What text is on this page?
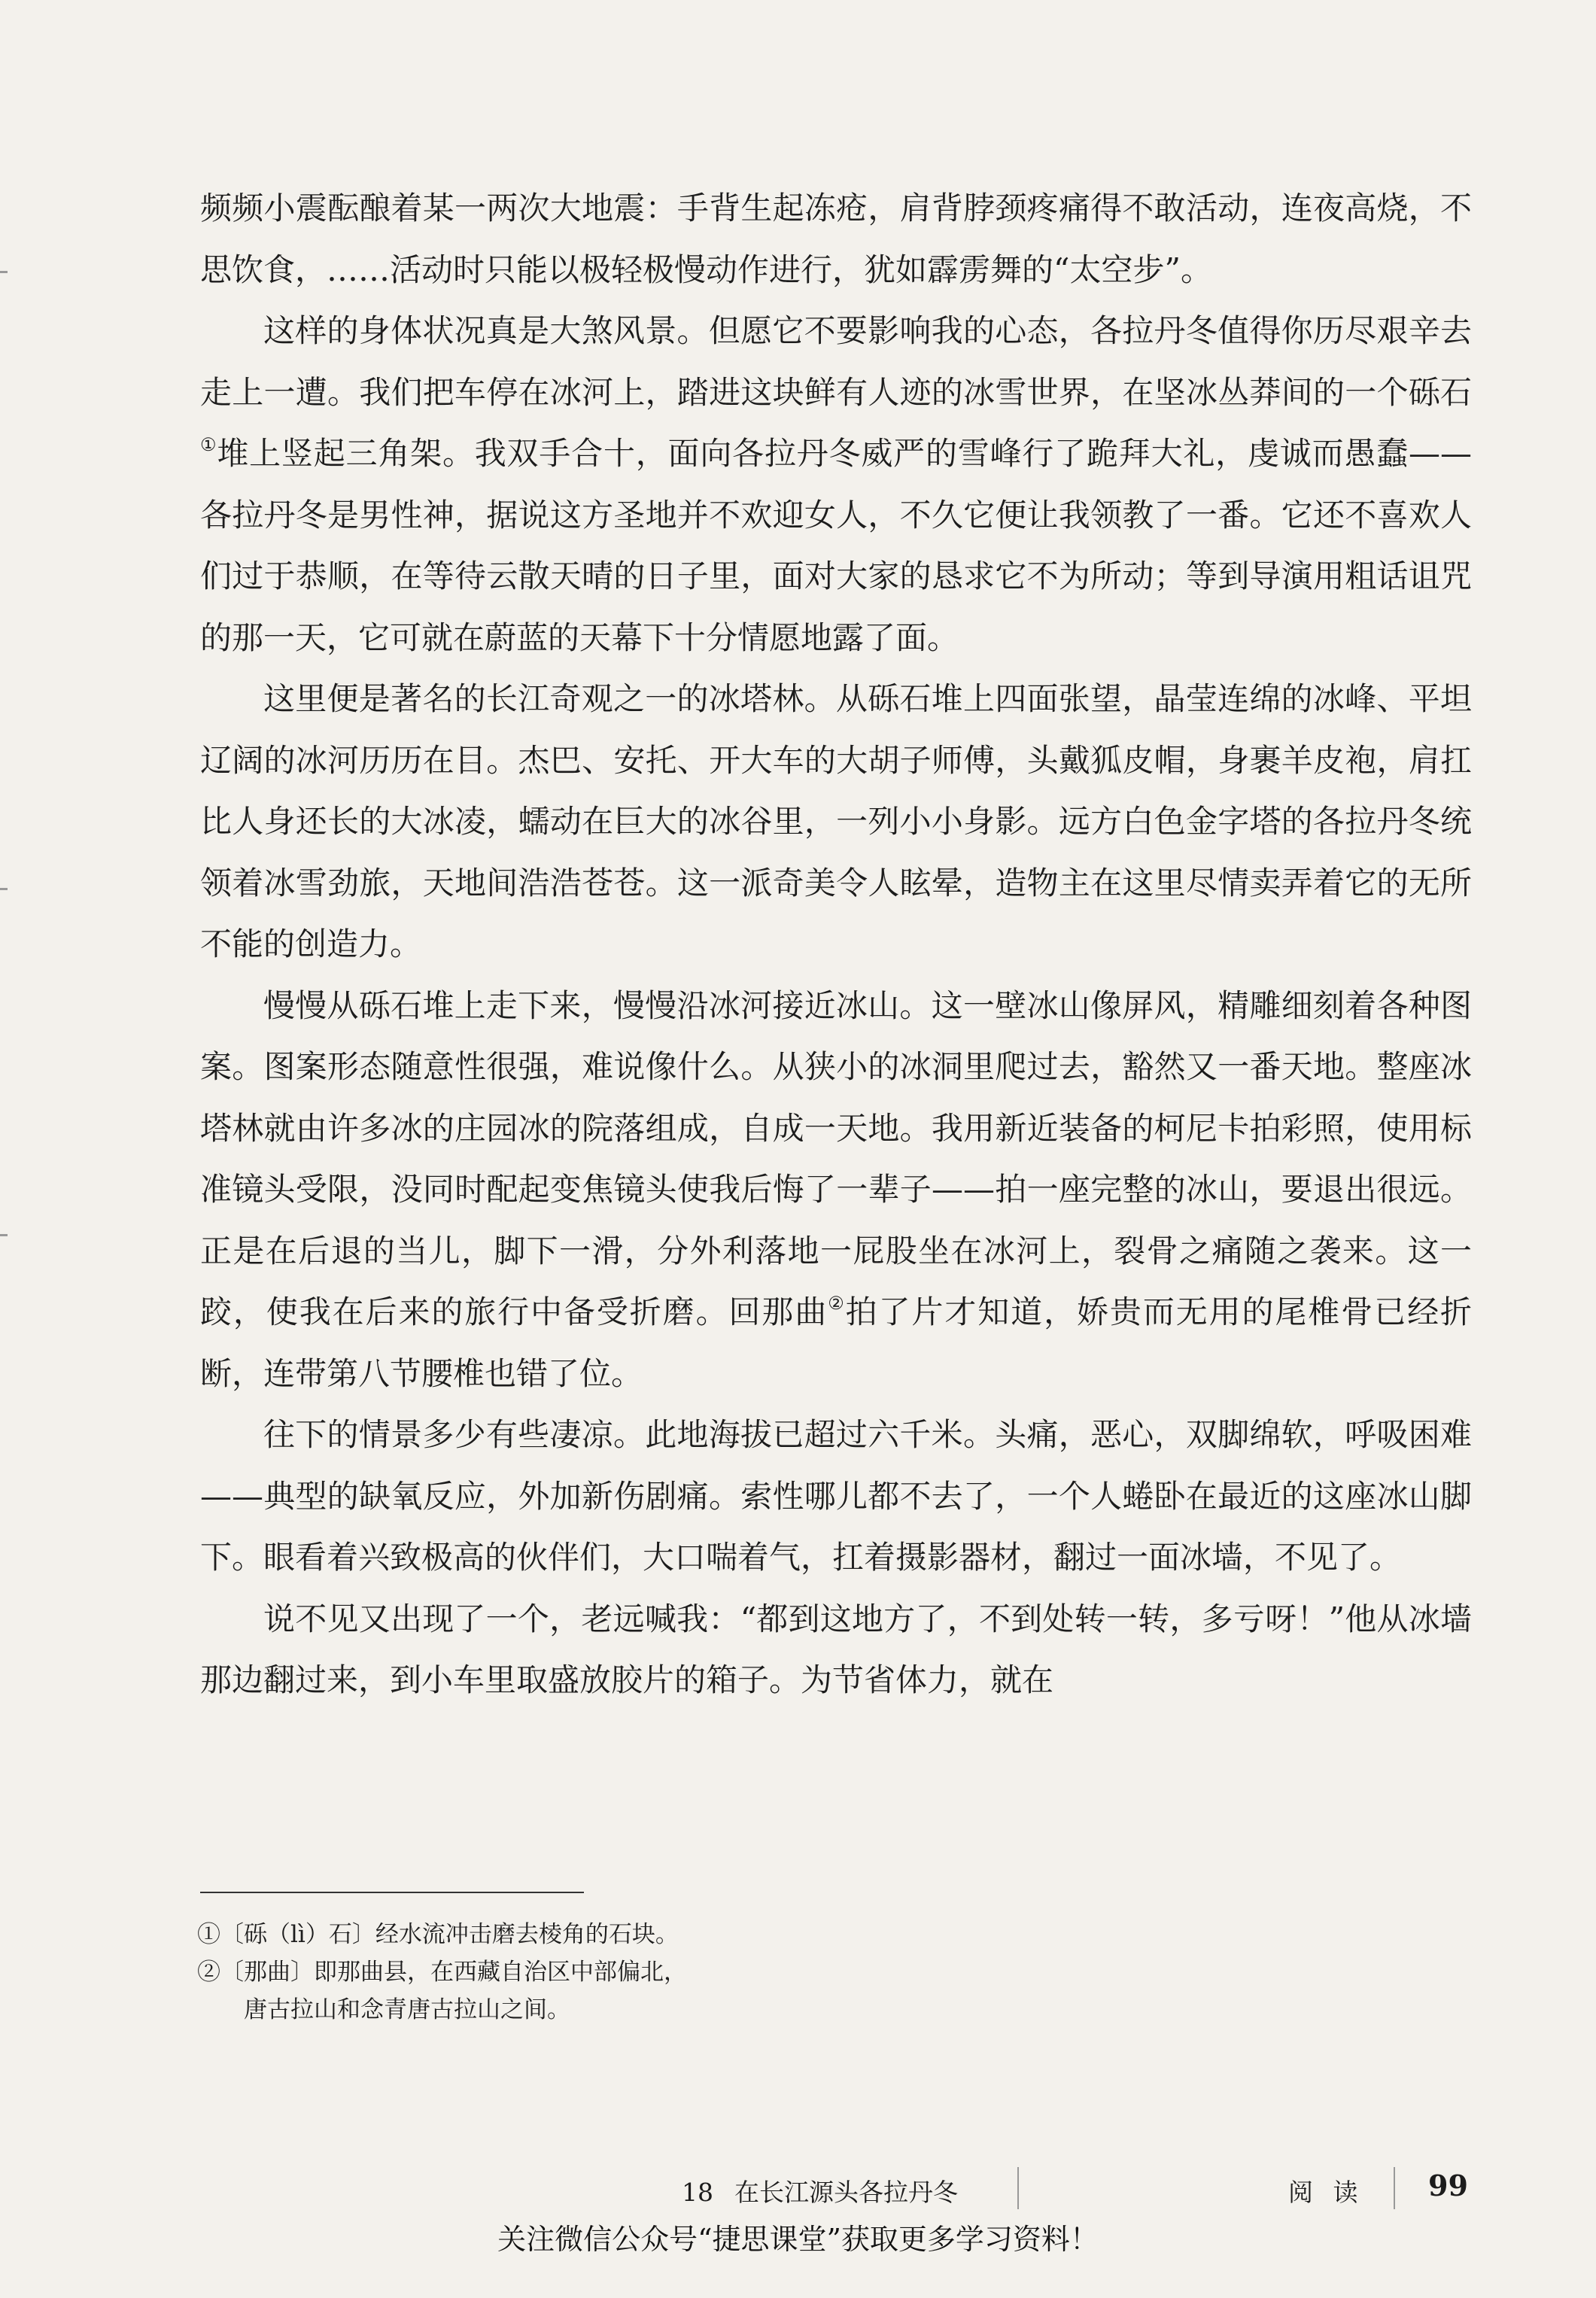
频频小震酝酿着某一两次大地震：手背生起冻疮，肩背脖颈疼痛得不敢活动，连夜高烧，不思饮食，……活动时只能以极轻极慢动作进行，犹如霹雳舞的“太空步”。

这样的身体状况真是大煞风景。但愿它不要影响我的心态，各拉丹冬值得你历尽艰辛去走上一遭。我们把车停在冰河上，踏进这块鲜有人迹的冰雪世界，在坚冰丛莽间的一个砾石①堆上竖起三角架。我双手合十，面向各拉丹冬威严的雪峰行了跪拜大礼，虔诚而愚蠢——各拉丹冬是男性神，据说这方圣地并不欢迎女人，不久它便让我领教了一番。它还不喜欢人们过于恭顺，在等待云散天晴的日子里，面对大家的恳求它不为所动；等到导演用粗话诅咒的那一天，它可就在蔚蓝的天幕下十分情愿地露了面。

这里便是著名的长江奇观之一的冰塔林。从砾石堆上四面张望，晶莹连绵的冰峰、平坦辽阔的冰河历历在目。杰巴、安托、开大车的大胡子师傅，头戴狐皮帽，身裹羊皮袍，肩扛比人身还长的大冰凌，蠕动在巨大的冰谷里，一列小小身影。远方白色金字塔的各拉丹冬统领着冰雪劲旅，天地间浩浩苍苍。这一派奇美令人眩晕，造物主在这里尽情卖弄着它的无所不能的创造力。

慢慢从砾石堆上走下来，慢慢沿冰河接近冰山。这一壁冰山像屏风，精雕细刻着各种图案。图案形态随意性很强，难说像什么。从狭小的冰洞里爬过去，豁然又一番天地。整座冰塔林就由许多冰的庄园冰的院落组成，自成一天地。我用新近装备的柯尼卡拍彩照，使用标准镜头受限，没同时配起变焦镜头使我后悔了一辈子——拍一座完整的冰山，要退出很远。正是在后退的当儿，脚下一滑，分外利落地一屁股坐在冰河上，裂骨之痛随之袭来。这一跤，使我在后来的旅行中备受折磨。回那曲②拍了片才知道，娇贵而无用的尾椎骨已经折断，连带第八节腰椎也错了位。

往下的情景多少有些凄凉。此地海拔已超过六千米。头痛，恶心，双脚绵软，呼吸困难——典型的缺氧反应，外加新伤剧痛。索性哪儿都不去了，一个人蜷卧在最近的这座冰山脚下。眼看着兴致极高的伙伴们，大口喘着气，扛着摄影器材，翻过一面冰墙，不见了。

说不见又出现了一个，老远喊我：“都到这地方了，不到处转一转，多亏呀！”他从冰墙那边翻过来，到小车里取盛放胶片的箱子。为节省体力，就在

①〔砾（lì）石〕经水流冲击磨去棱角的石块。

②〔那曲〕即那曲县，在西藏自治区中部偏北，

唐古拉山和念青唐古拉山之间。

18 在长江源头各拉丹冬	阅 读 99
关注微信公众号“捷思课堂”获取更多学习资料！
